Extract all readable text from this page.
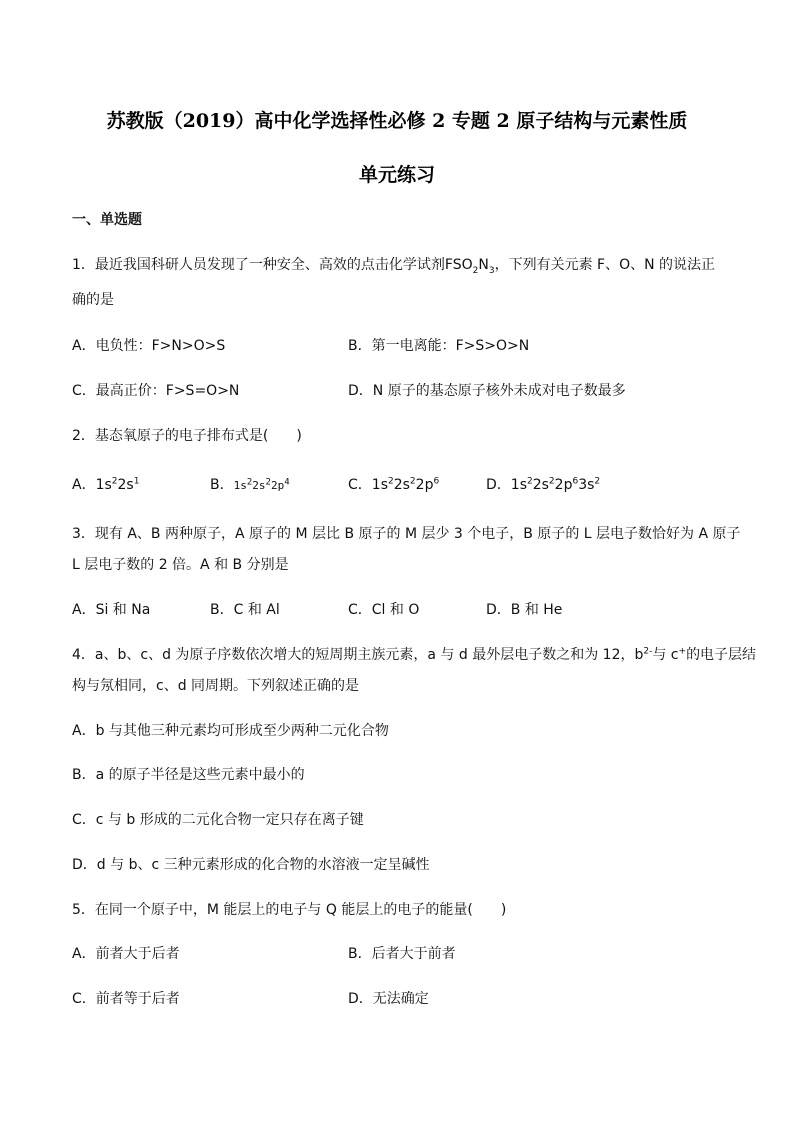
苏教版（2019）高中化学选择性必修 2 专题 2 原子结构与元素性质
单元练习
一、单选题
1．最近我国科研人员发现了一种安全、高效的点击化学试剂$FSO_2N_3$，下列有关元素 F、O、N 的说法正
确的是
A．电负性：F>N>O>S	B．第一电离能：F>S>O>N
C．最高正价：F>S=O>N	D．N 原子的基态原子核外未成对电子数最多
2．基态氧原子的电子排布式是(　　)
A．$1s^22s^1$	B．$1s^22s^22p^4$	C．$1s^22s^22p^6$	D．$1s^22s^22p^63s^2$
3．现有 A、B 两种原子，A 原子的 M 层比 B 原子的 M 层少 3 个电子，B 原子的 L 层电子数恰好为 A 原子
L 层电子数的 2 倍。A 和 B 分别是
A．Si 和 Na	B．C 和 Al	C．Cl 和 O	D．B 和 He
4．a、b、c、d 为原子序数依次增大的短周期主族元素，a 与 d 最外层电子数之和为 12，$b^{2-}$与 c+的电子层结
构与氖相同，c、d 同周期。下列叙述正确的是
A．b 与其他三种元素均可形成至少两种二元化合物
B．a 的原子半径是这些元素中最小的
C．c 与 b 形成的二元化合物一定只存在离子键
D．d 与 b、c 三种元素形成的化合物的水溶液一定呈碱性
5．在同一个原子中，M 能层上的电子与 Q 能层上的电子的能量(　　)
A．前者大于后者	B．后者大于前者
C．前者等于后者	D．无法确定
